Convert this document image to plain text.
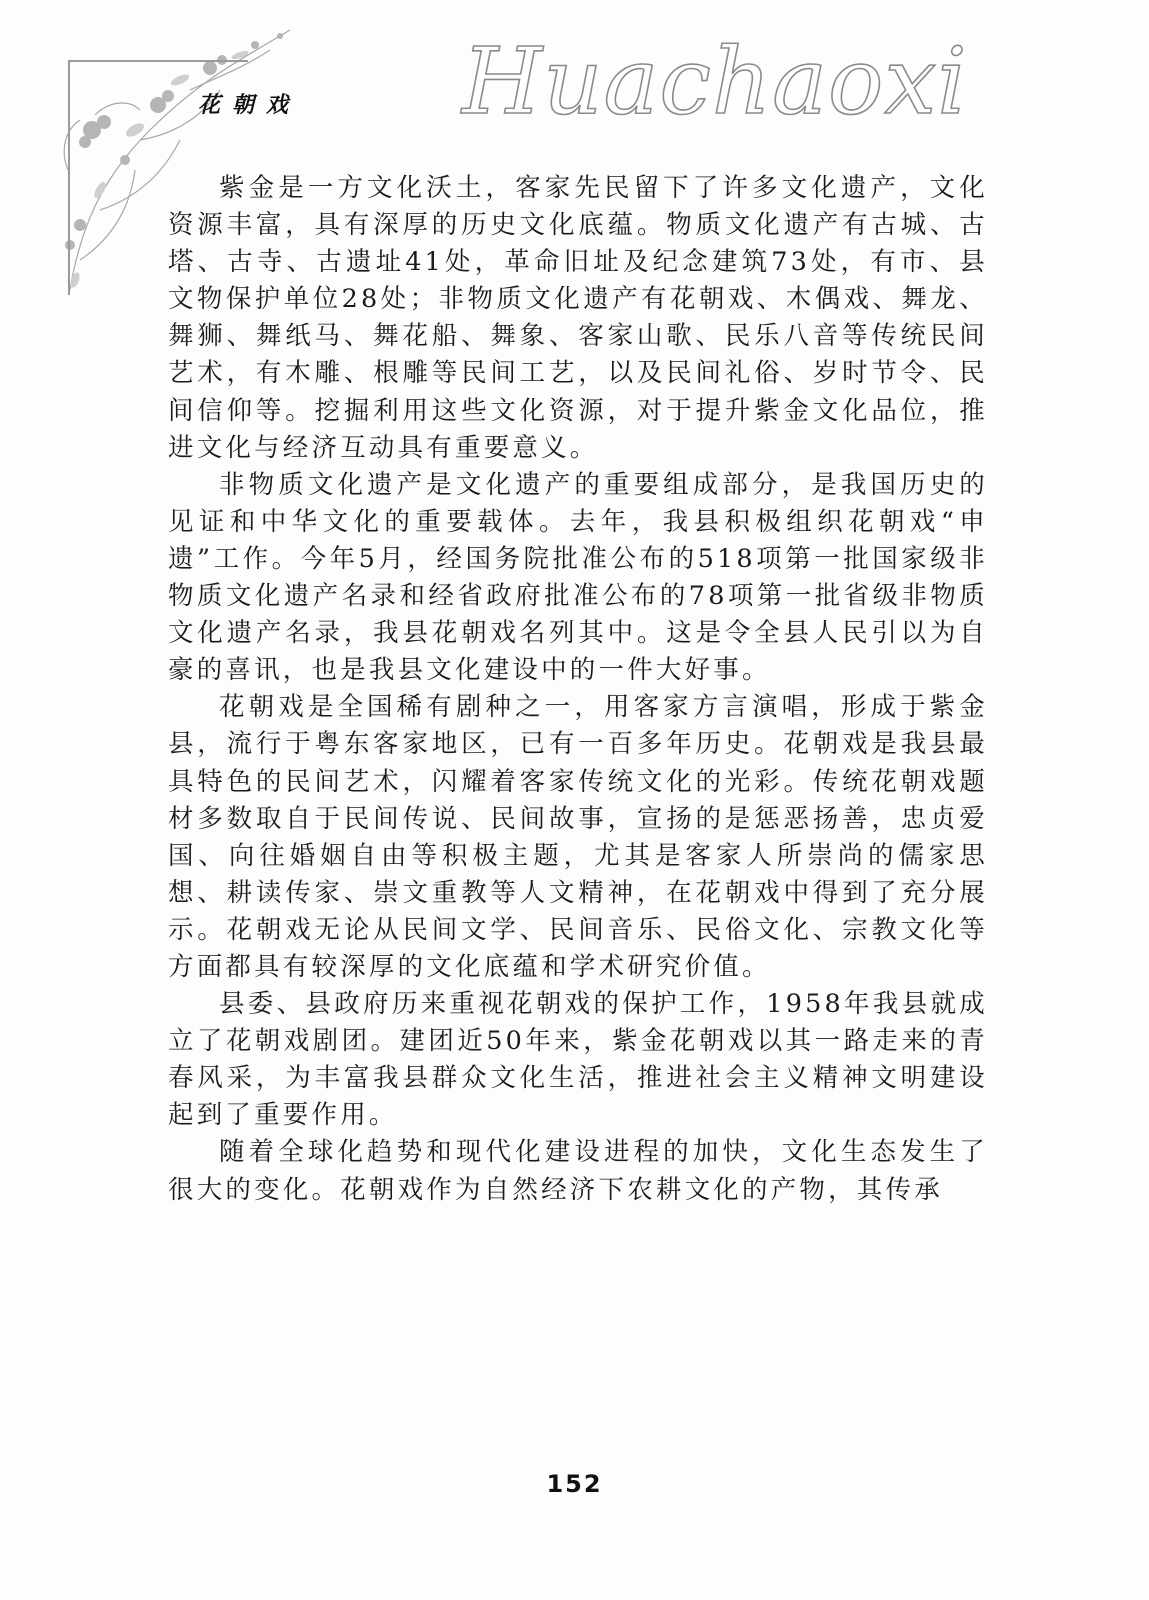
花朝戏 Huachaoxi

紫金是一方文化沃土，客家先民留下了许多文化遗产，文化资源丰富，具有深厚的历史文化底蕴。物质文化遗产有古城、古塔、古寺、古遗址41处，革命旧址及纪念建筑73处，有市、县文物保护单位28处；非物质文化遗产有花朝戏、木偶戏、舞龙、舞狮、舞纸马、舞花船、舞象、客家山歌、民乐八音等传统民间艺术，有木雕、根雕等民间工艺，以及民间礼俗、岁时节令、民间信仰等。挖掘利用这些文化资源，对于提升紫金文化品位，推进文化与经济互动具有重要意义。

非物质文化遗产是文化遗产的重要组成部分，是我国历史的见证和中华文化的重要载体。去年，我县积极组织花朝戏“申遗”工作。今年5月，经国务院批准公布的518项第一批国家级非物质文化遗产名录和经省政府批准公布的78项第一批省级非物质文化遗产名录，我县花朝戏名列其中。这是令全县人民引以为自豪的喜讯，也是我县文化建设中的一件大好事。

花朝戏是全国稀有剧种之一，用客家方言演唱，形成于紫金县，流行于粤东客家地区，已有一百多年历史。花朝戏是我县最具特色的民间艺术，闪耀着客家传统文化的光彩。传统花朝戏题材多数取自于民间传说、民间故事，宣扬的是惩恶扬善，忠贞爱国、向往婚姻自由等积极主题，尤其是客家人所崇尚的儒家思想、耕读传家、崇文重教等人文精神，在花朝戏中得到了充分展示。花朝戏无论从民间文学、民间音乐、民俗文化、宗教文化等方面都具有较深厚的文化底蕴和学术研究价值。

县委、县政府历来重视花朝戏的保护工作，1958年我县就成立了花朝戏剧团。建团近50年来，紫金花朝戏以其一路走来的青春风采，为丰富我县群众文化生活，推进社会主义精神文明建设起到了重要作用。

随着全球化趋势和现代化建设进程的加快，文化生态发生了很大的变化。花朝戏作为自然经济下农耕文化的产物，其传承

152
